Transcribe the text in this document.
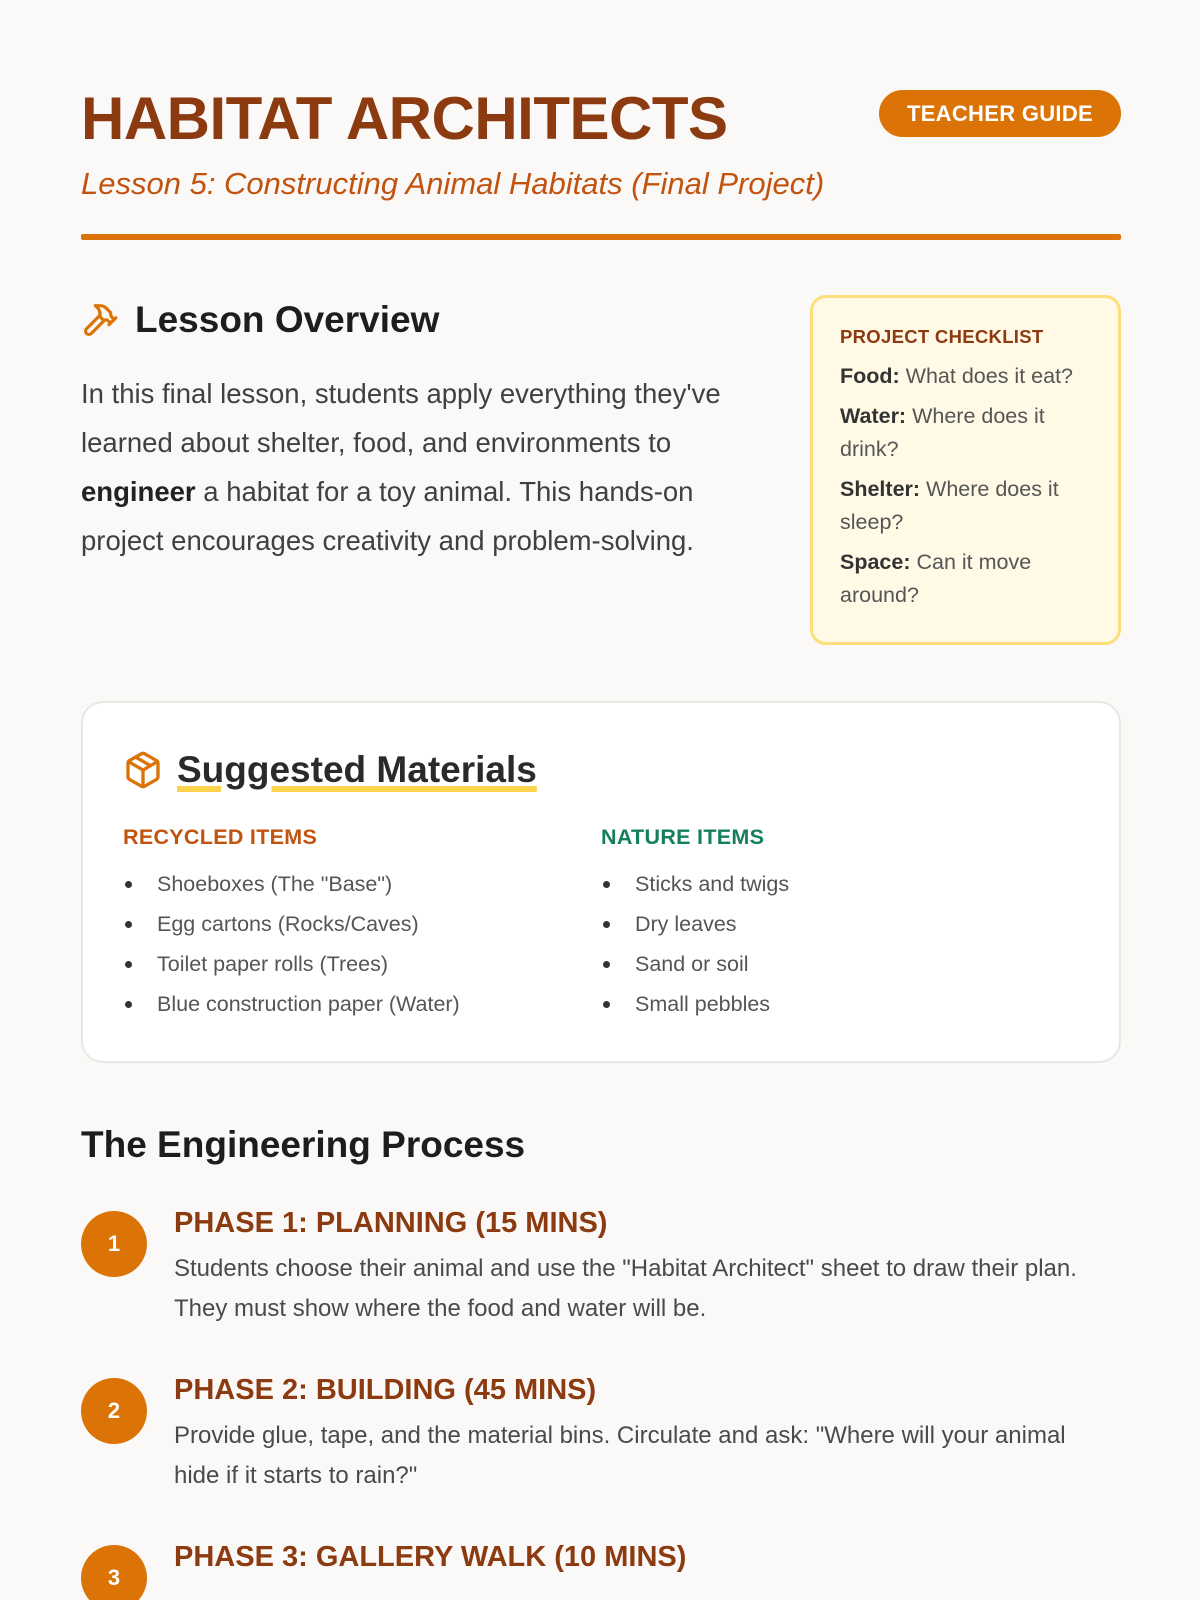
HABITAT ARCHITECTS	TEACHER GUIDE
Lesson 5: Constructing Animal Habitats (Final Project)
Lesson Overview

In this final lesson, students apply everything they've learned about shelter, food, and environments to engineer a habitat for a toy animal. This hands-on project encourages creativity and problem-solving.

PROJECT CHECKLIST
Food: What does it eat?
Water: Where does it drink?
Shelter: Where does it sleep?
Space: Can it move around?
Suggested Materials
RECYCLED ITEMS
Shoeboxes (The "Base")
Egg cartons (Rocks/Caves)
Toilet paper rolls (Trees)
Blue construction paper (Water)
NATURE ITEMS
Sticks and twigs
Dry leaves
Sand or soil
Small pebbles
The Engineering Process
1
PHASE 1: PLANNING (15 MINS)
Students choose their animal and use the "Habitat Architect" sheet to draw their plan. They must show where the food and water will be.
2
PHASE 2: BUILDING (45 MINS)
Provide glue, tape, and the material bins. Circulate and ask: "Where will your animal hide if it starts to rain?"
3
PHASE 3: GALLERY WALK (10 MINS)
